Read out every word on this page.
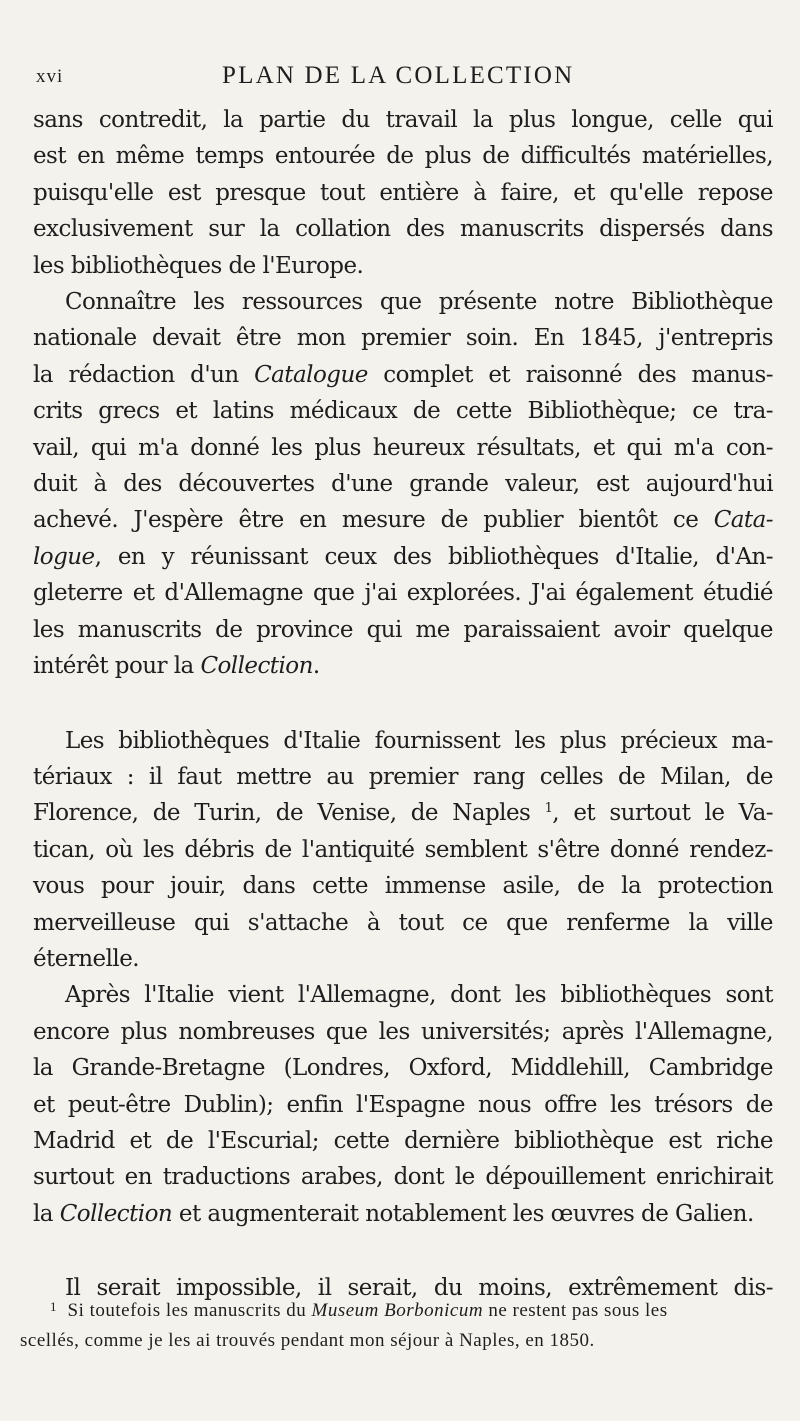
xvi	PLAN DE LA COLLECTION

sans contredit, la partie du travail la plus longue, celle qui

est en même temps entourée de plus de difficultés matérielles,

puisqu'elle est presque tout entière à faire, et qu'elle repose

exclusivement sur la collation des manuscrits dispersés dans

les bibliothèques de l'Europe.

Connaître les ressources que présente notre Bibliothèque

nationale devait être mon premier soin. En 1845, j'entrepris

la rédaction d'un Catalogue complet et raisonné des manus-

crits grecs et latins médicaux de cette Bibliothèque; ce tra-

vail, qui m'a donné les plus heureux résultats, et qui m'a con-

duit à des découvertes d'une grande valeur, est aujourd'hui

achevé. J'espère être en mesure de publier bientôt ce Cata-

logue, en y réunissant ceux des bibliothèques d'Italie, d'An-

gleterre et d'Allemagne que j'ai explorées. J'ai également étudié

les manuscrits de province qui me paraissaient avoir quelque

intérêt pour la Collection.

Les bibliothèques d'Italie fournissent les plus précieux ma-

tériaux : il faut mettre au premier rang celles de Milan, de

Florence, de Turin, de Venise, de Naples $^1$, et surtout le Va-

tican, où les débris de l'antiquité semblent s'être donné rendez-

vous pour jouir, dans cette immense asile, de la protection

merveilleuse qui s'attache à tout ce que renferme la ville

éternelle.

Après l'Italie vient l'Allemagne, dont les bibliothèques sont

encore plus nombreuses que les universités; après l'Allemagne,

la Grande-Bretagne (Londres, Oxford, Middlehill, Cambridge

et peut-être Dublin); enfin l'Espagne nous offre les trésors de

Madrid et de l'Escurial; cette dernière bibliothèque est riche

surtout en traductions arabes, dont le dépouillement enrichirait

la Collection et augmenterait notablement les œuvres de Galien.

Il serait impossible, il serait, du moins, extrêmement dis-

$^1$  Si toutefois les manuscrits du Museum Borbonicum ne restent pas sous les

scellés, comme je les ai trouvés pendant mon séjour à Naples, en 1850.
